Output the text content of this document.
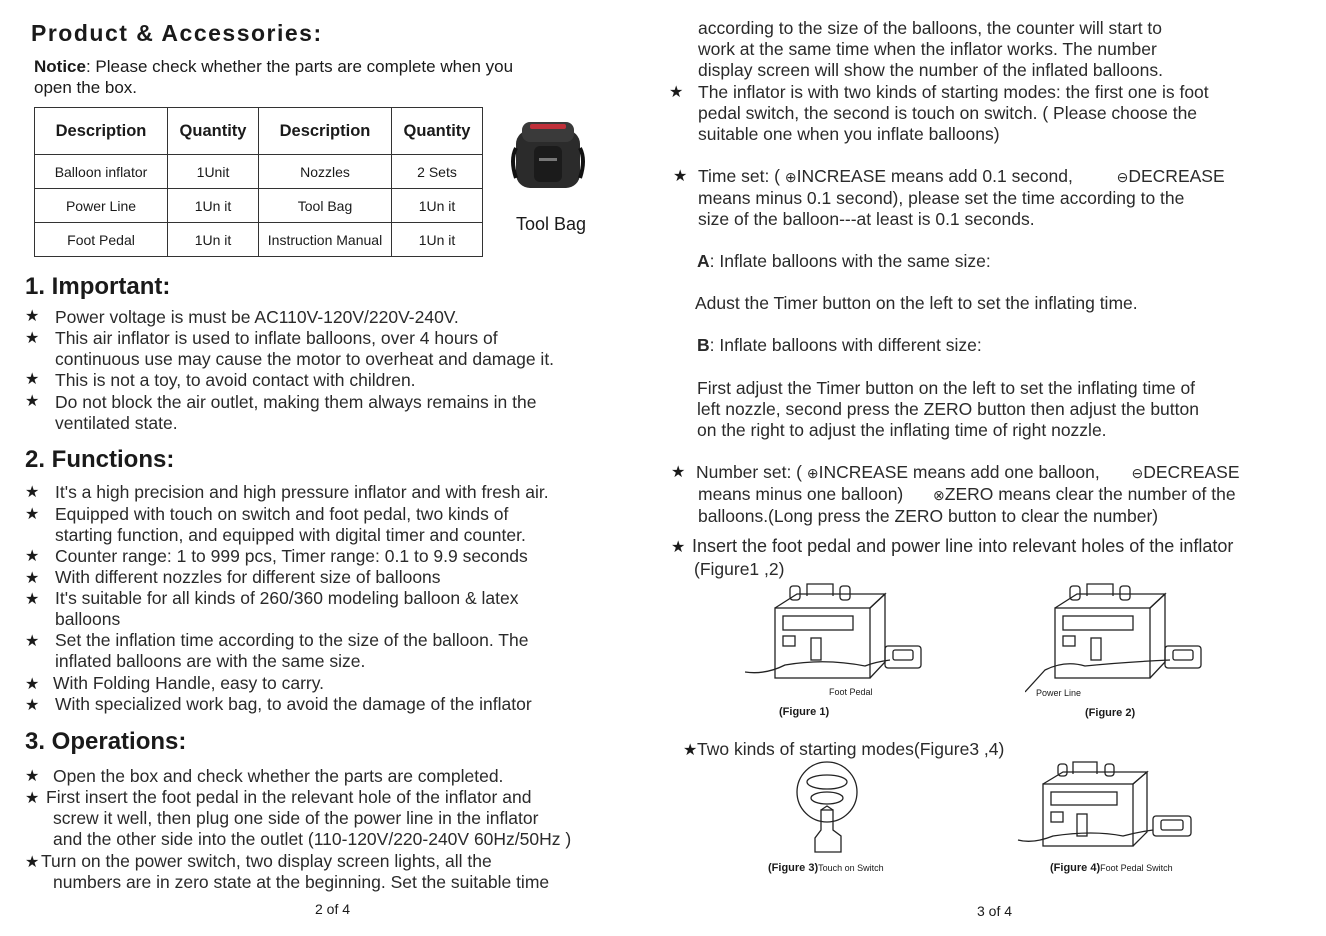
Product & Accessories:
Notice: Please check whether the parts are complete when you
open the box.
Description	Quantity	Description	Quantity
Balloon inflator	1Unit	Nozzles	2 Sets
Power Line	1Un it	Tool Bag	1Un it
Foot Pedal	1Un it	Instruction Manual	1Un it
Tool Bag
1. Important:
★ Power voltage is must be AC110V-120V/220V-240V.
★ This air inflator is used to inflate balloons, over 4 hours of
continuous use may cause the motor to overheat and damage it.
★ This is not a toy, to avoid contact with children.
★ Do not block the air outlet, making them always remains in the
ventilated state.
2. Functions:
★ It's a high precision and high pressure inflator and with fresh air.
★ Equipped with touch on switch and foot pedal, two kinds of
starting function, and equipped with digital timer and counter.
★ Counter range: 1 to 999 pcs, Timer range: 0.1 to 9.9 seconds
★ With different nozzles for different size of balloons
★ It's suitable for all kinds of 260/360 modeling balloon & latex
balloons
★ Set the inflation time according to the size of the balloon. The
inflated balloons are with the same size.
★ With Folding Handle, easy to carry.
★ With specialized work bag, to avoid the damage of the inflator
3. Operations:
★ Open the box and check whether the parts are completed.
★ First insert the foot pedal in the relevant hole of the inflator and
screw it well, then plug one side of the power line in the inflator
and the other side into the outlet (110-120V/220-240V 60Hz/50Hz )
★ Turn on the power switch, two display screen lights, all the
numbers are in zero state at the beginning. Set the suitable time
2 of 4
according to the size of the balloons, the counter will start to
work at the same time when the inflator works. The number
display screen will show the number of the inflated balloons.
★ The inflator is with two kinds of starting modes: the first one is foot
pedal switch, the second is touch on switch. ( Please choose the
suitable one when you inflate balloons)
★ Time set: ( ⊕INCREASE means add 0.1 second,	⊖DECREASE
means minus 0.1 second), please set the time according to the
size of the balloon---at least is 0.1 seconds.
A: Inflate balloons with the same size:
Adust the Timer button on the left to set the inflating time.
B: Inflate balloons with different size:
First adjust the Timer button on the left to set the inflating time of
left nozzle, second press the ZERO button then adjust the button
on the right to adjust the inflating time of right nozzle.
★ Number set: ( ⊕INCREASE means add one balloon, ⊖DECREASE
means minus one balloon) ⊗ZERO means clear the number of the
balloons.(Long press the ZERO button to clear the number)
★ Insert the foot pedal and power line into relevant holes of the inflator
(Figure1 ,2)
Foot Pedal
(Figure 1)
Power Line
(Figure 2)
★ Two kinds of starting modes(Figure3 ,4)
(Figure 3)Touch on Switch	(Figure 4)Foot Pedal Switch
3 of 4
